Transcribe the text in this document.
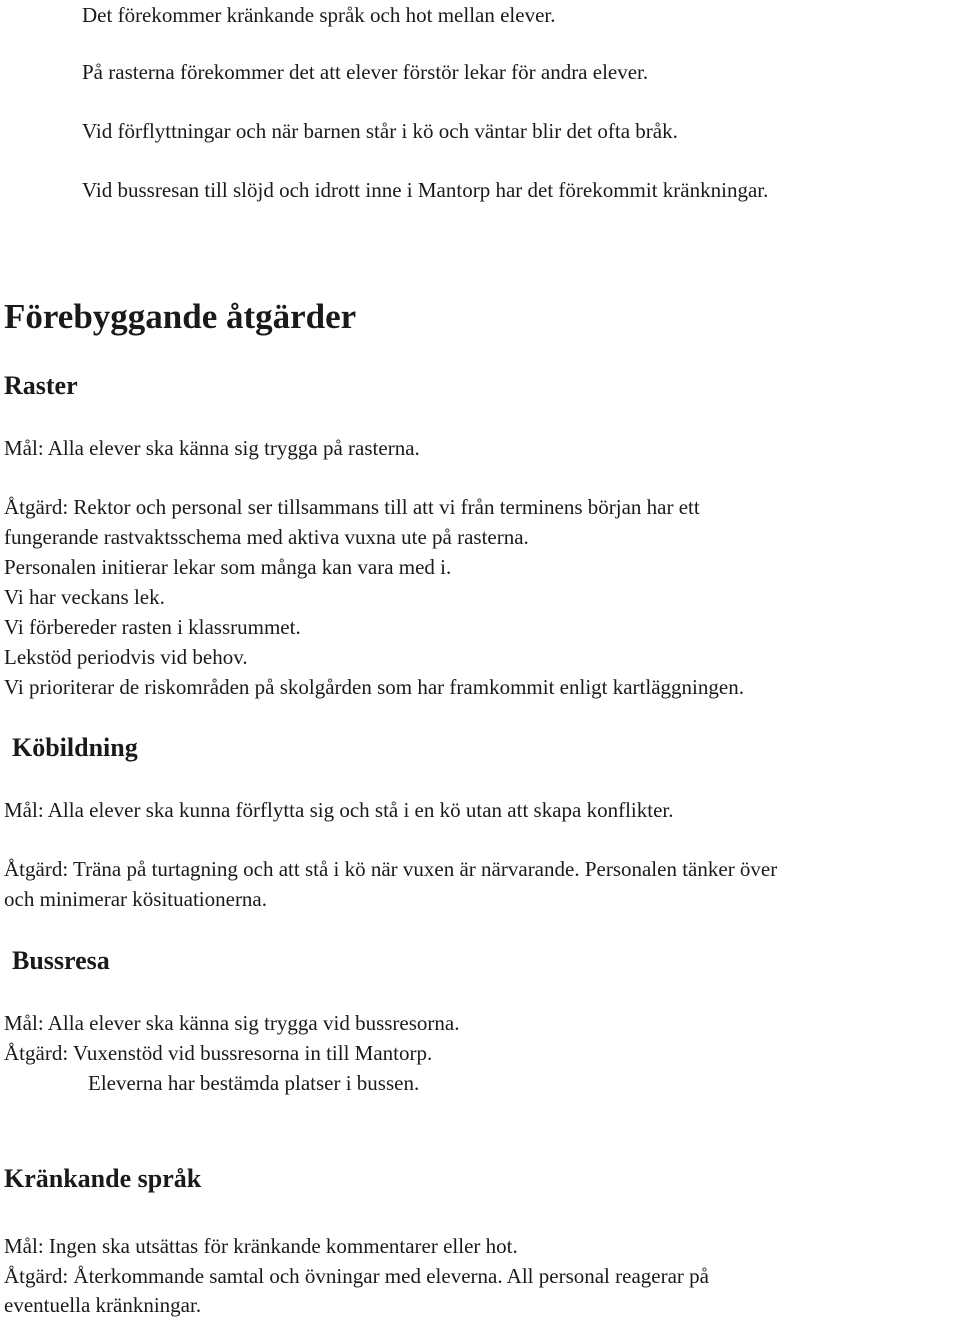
Det förekommer kränkande språk och hot mellan elever.
På rasterna förekommer det att elever förstör lekar för andra elever.
Vid förflyttningar och när barnen står i kö och väntar blir det ofta bråk.
Vid bussresan till slöjd och idrott inne i Mantorp har det förekommit kränkningar.
Förebyggande åtgärder
Raster
Mål: Alla elever ska känna sig trygga på rasterna.
Åtgärd: Rektor och personal ser tillsammans till att vi från terminens början har ett
fungerande rastvaktsschema med aktiva vuxna ute på rasterna.
Personalen initierar lekar som många kan vara med i.
Vi har veckans lek.
Vi förbereder rasten i klassrummet.
Lekstöd periodvis vid behov.
Vi prioriterar de riskområden på skolgården som har framkommit enligt kartläggningen.
Köbildning
Mål: Alla elever ska kunna förflytta sig och stå i en kö utan att skapa konflikter.
Åtgärd: Träna på turtagning och att stå i kö när vuxen är närvarande. Personalen tänker över
och minimerar kösituationerna.
Bussresa
Mål: Alla elever ska känna sig trygga vid bussresorna.
Åtgärd: Vuxenstöd vid bussresorna in till Mantorp.
Eleverna har bestämda platser i bussen.
Kränkande språk
Mål: Ingen ska utsättas för kränkande kommentarer eller hot.
Åtgärd: Återkommande samtal och övningar med eleverna. All personal reagerar på
eventuella kränkningar.
